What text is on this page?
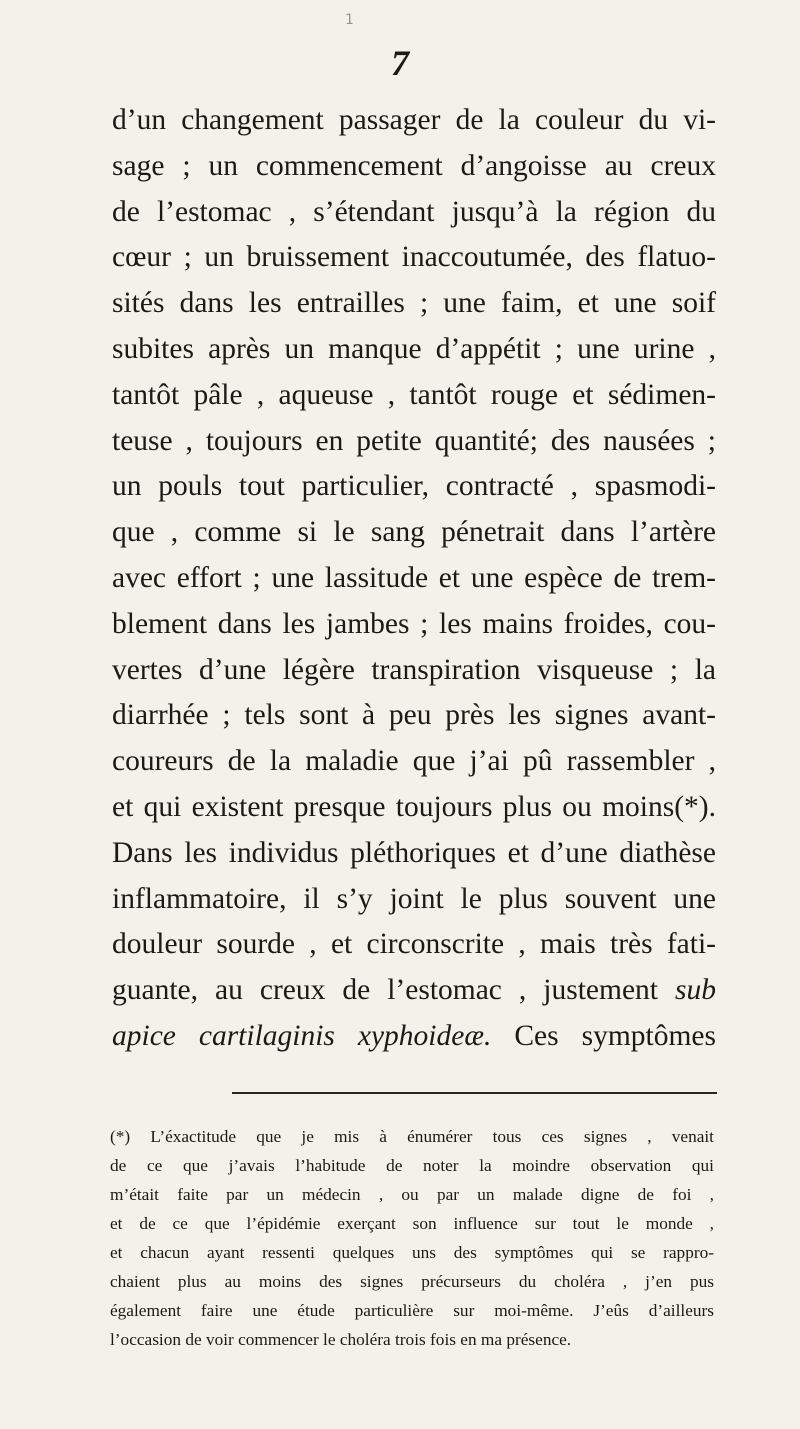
1
7
d’un changement passager de la couleur du vi-
sage ; un commencement d’angoisse au creux
de l’estomac , s’étendant jusqu’à la région du
cœur ; un bruissement inaccoutumée, des flatuo-
sités dans les entrailles ; une faim, et une soif
subites après un manque d’appétit ; une urine ,
tantôt pâle , aqueuse , tantôt rouge et sédimen-
teuse , toujours en petite quantité; des nausées ;
un pouls tout particulier, contracté , spasmodi-
que , comme si le sang pénetrait dans l’artère
avec effort ; une lassitude et une espèce de trem-
blement dans les jambes ; les mains froides, cou-
vertes d’une légère transpiration visqueuse ; la
diarrhée ; tels sont à peu près les signes avant-
coureurs de la maladie que j’ai pû rassembler ,
et qui existent presque toujours plus ou moins(*).
Dans les individus pléthoriques et d’une diathèse
inflammatoire, il s’y joint le plus souvent une
douleur sourde , et circonscrite , mais très fati-
guante, au creux de l’estomac , justement sub
apice cartilaginis xyphoideæ. Ces symptômes
(*) L’éxactitude que je mis à énumérer tous ces signes , venait
de ce que j’avais l’habitude de noter la moindre observation qui
m’était faite par un médecin , ou par un malade digne de foi ,
et de ce que l’épidémie exerçant son influence sur tout le monde ,
et chacun ayant ressenti quelques uns des symptômes qui se rappro-
chaient plus au moins des signes précurseurs du choléra , j’en pus
également faire une étude particulière sur moi-même. J’eûs d’ailleurs
l’occasion de voir commencer le choléra trois fois en ma présence.
